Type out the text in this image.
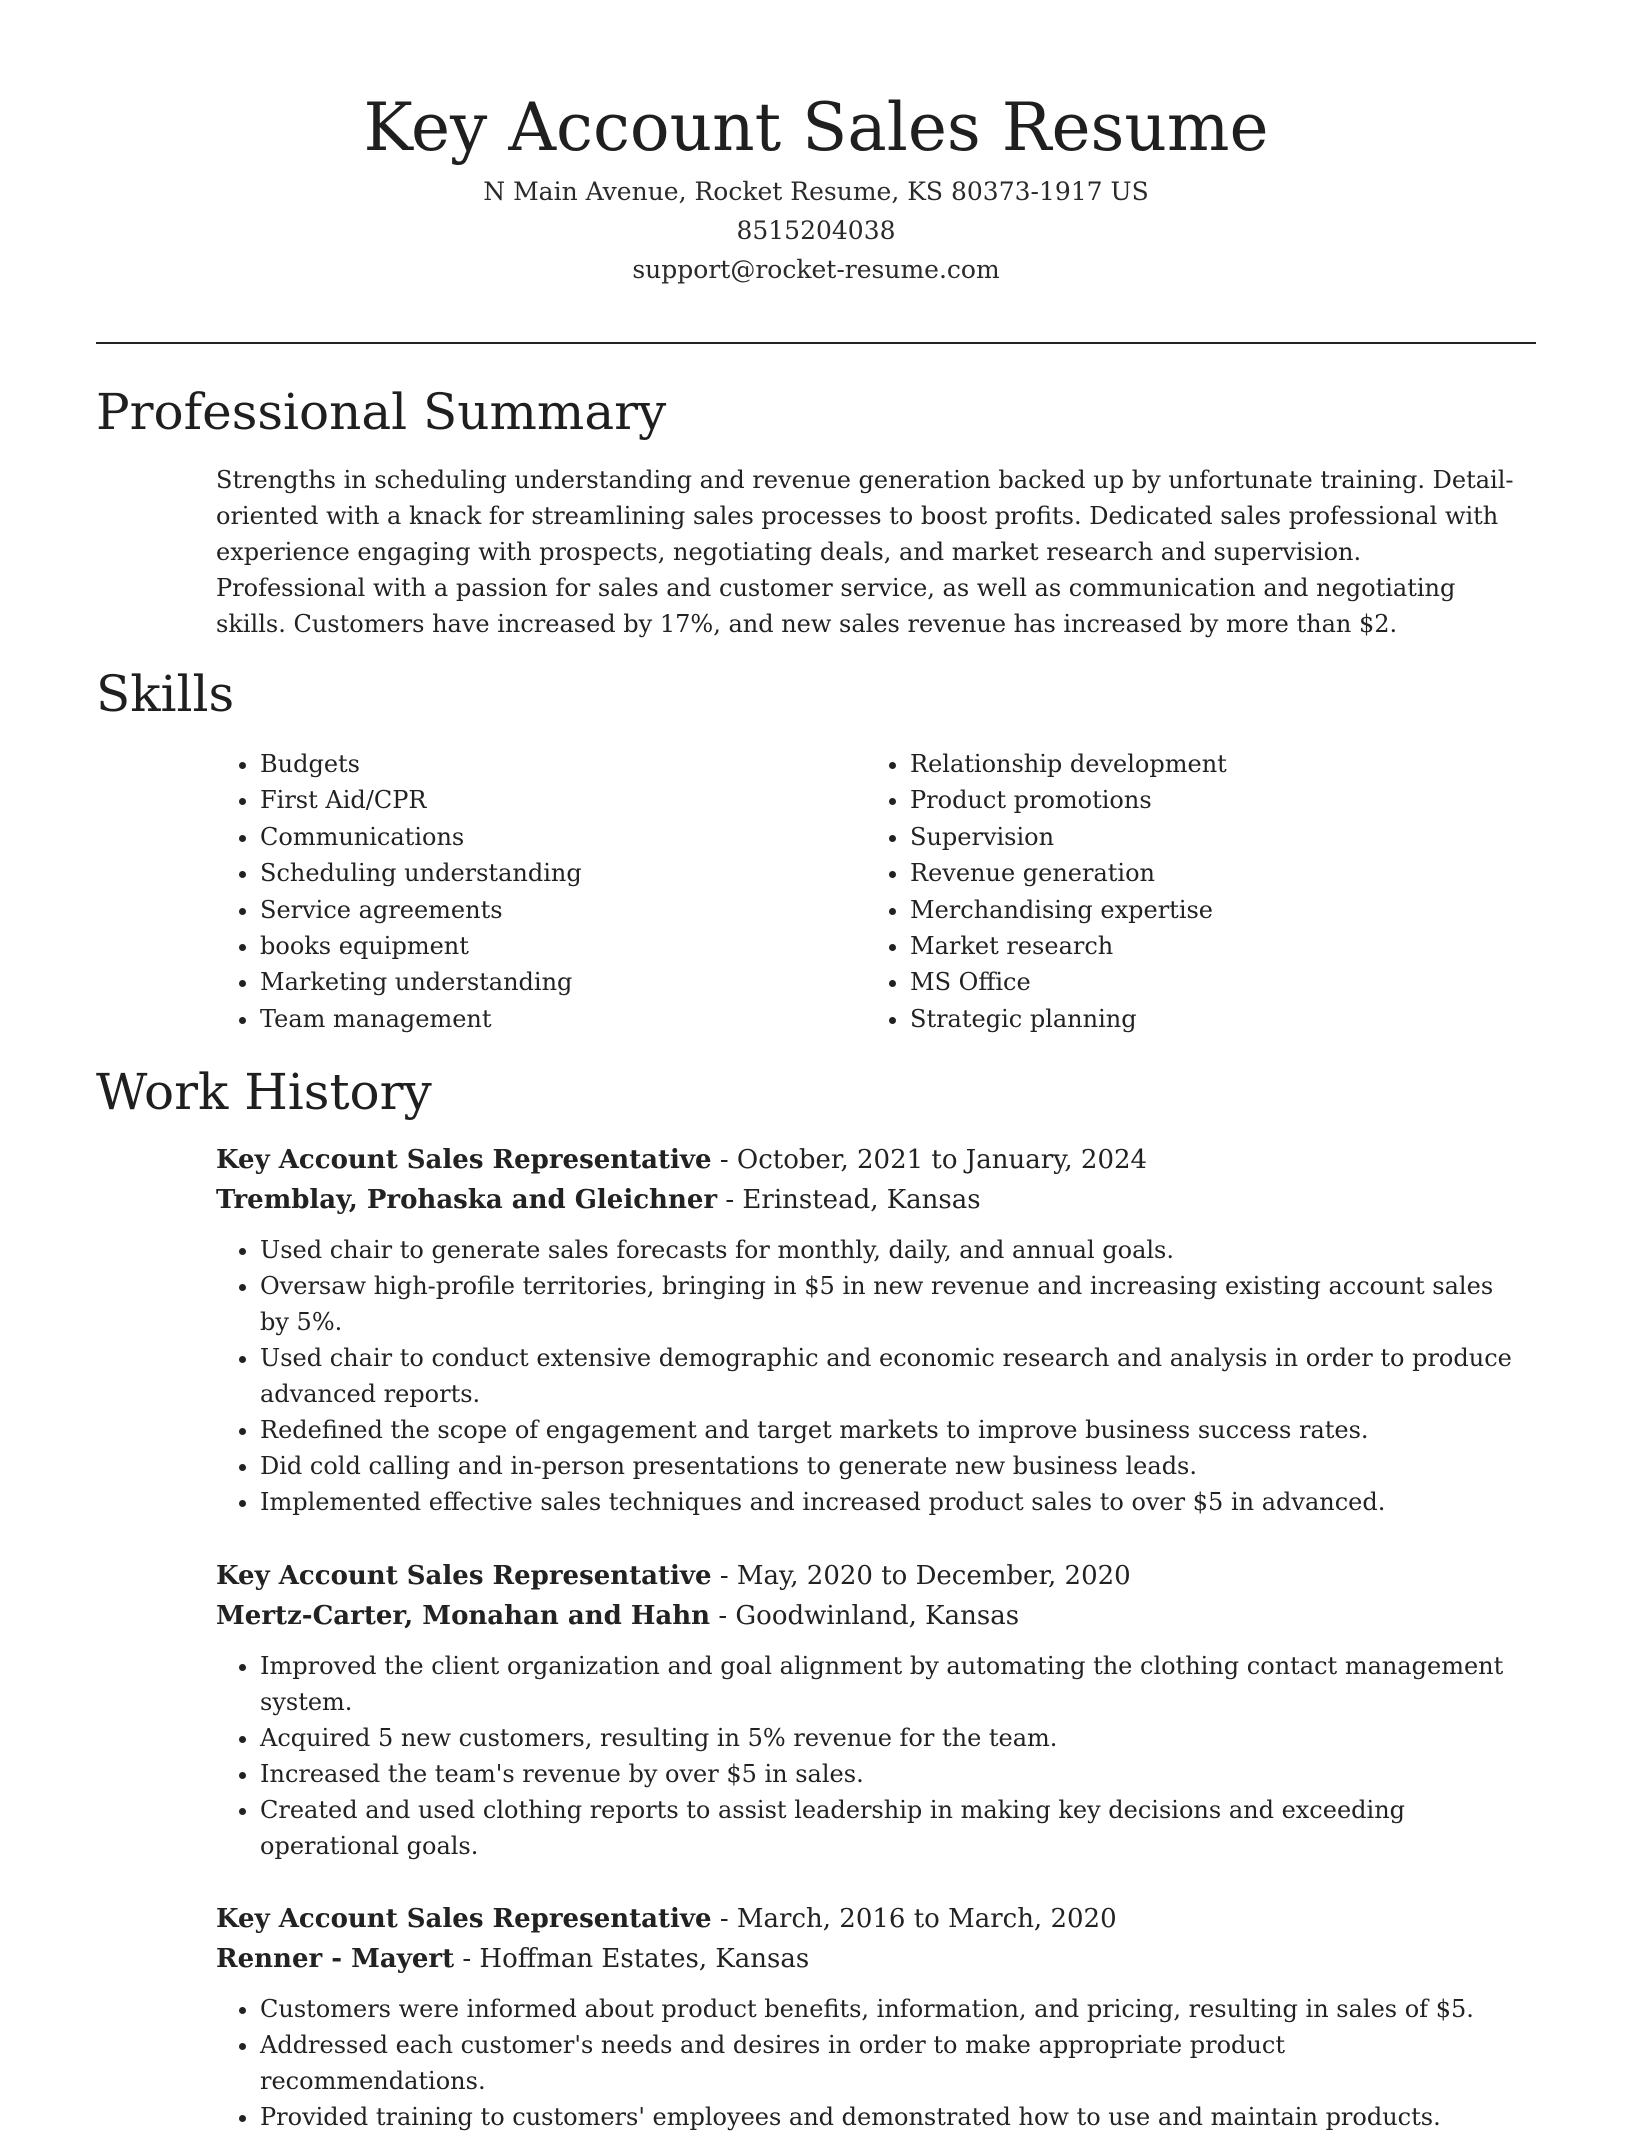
Key Account Sales Resume

N Main Avenue, Rocket Resume, KS 80373-1917 US

8515204038

support@rocket-resume.com

Professional Summary

Strengths in scheduling understanding and revenue generation backed up by unfortunate training. Detail-oriented with a knack for streamlining sales processes to boost profits. Dedicated sales professional with experience engaging with prospects, negotiating deals, and market research and supervision. Professional with a passion for sales and customer service, as well as communication and negotiating skills. Customers have increased by 17%, and new sales revenue has increased by more than $2.

Skills
• Budgets
• First Aid/CPR
• Communications
• Scheduling understanding
• Service agreements
• books equipment
• Marketing understanding
• Team management
• Relationship development
• Product promotions
• Supervision
• Revenue generation
• Merchandising expertise
• Market research
• MS Office
• Strategic planning
Work History

Key Account Sales Representative - October, 2021 to January, 2024

Tremblay, Prohaska and Gleichner - Erinstead, Kansas

• Used chair to generate sales forecasts for monthly, daily, and annual goals.
• Oversaw high-profile territories, bringing in $5 in new revenue and increasing existing account sales by 5%.
• Used chair to conduct extensive demographic and economic research and analysis in order to produce advanced reports.
• Redefined the scope of engagement and target markets to improve business success rates.
• Did cold calling and in-person presentations to generate new business leads.
• Implemented effective sales techniques and increased product sales to over $5 in advanced.

Key Account Sales Representative - May, 2020 to December, 2020

Mertz-Carter, Monahan and Hahn - Goodwinland, Kansas

• Improved the client organization and goal alignment by automating the clothing contact management system.
• Acquired 5 new customers, resulting in 5% revenue for the team.
• Increased the team's revenue by over $5 in sales.
• Created and used clothing reports to assist leadership in making key decisions and exceeding operational goals.

Key Account Sales Representative - March, 2016 to March, 2020

Renner - Mayert - Hoffman Estates, Kansas

• Customers were informed about product benefits, information, and pricing, resulting in sales of $5.
• Addressed each customer's needs and desires in order to make appropriate product recommendations.
• Provided training to customers' employees and demonstrated how to use and maintain products.
